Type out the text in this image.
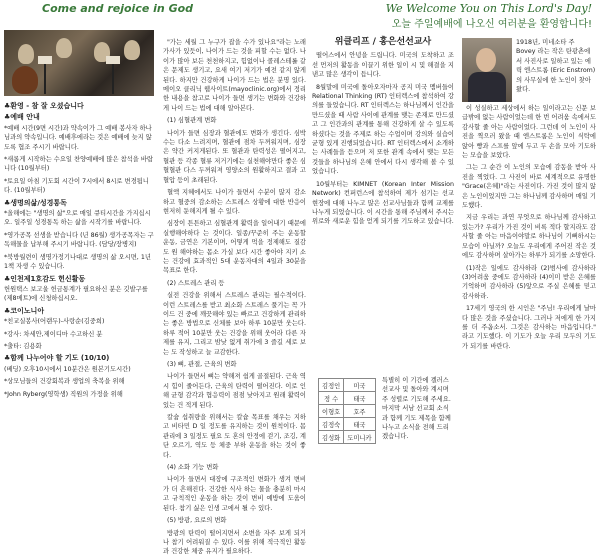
Come and rejoice in God	We Welcome You on This Lord's Day!
오늘 주일예배에 나오신 여러분을 환영합니다!
♣환영 - 참 잘 오셨습니다
♣예배 안내
*예배 시간(9면 시간)과 약속이가 그 예배 봉사자 하나님과의 약속입니다. 예배후에라는 것은 예배에 늦지 않도록 협조 주시기 바랍니다.
*새롭게 시작하는 수요일 찬양예배에 많은 참석을 바랍니다 (10월부터)
*토요일 아침 기도회 시간이 7시에서 8시로 변경됩니다. (10월부터)
♣생명의삶/성경통독
*올해에는 "생명의 삶"으로 매일 큐티시간을 가지십시오. 일주일 성경통독 하는 삶을 시작기를 바랍니다.
*영가공목 선생을 받습니다 (년 86월) 생가공목자는 구독해물을 납부해 주시기 바랍니다. (담당/장병지)
*북방월련이 생명가정기나대로 생명의 삶 오시면, 1년 1책 자생 수 있습니다.
♣인천제1호감도 헌신활동
헌원택스 보고울 헌금통계가 필요하신 분은 깃발구를(제8메트)에 신청하십시오.
♣코이노니아
*친교실봉사(어랜두)-사랑순(김중희)
*강사: 차세안,제이디마 수고하신 분
*출타: 김용화
♣함께 나누어야 할 기도 (10/10)
(베딩) 오후10시에서 10분간은 원본기도시간)
*상모님들의 건강회복과 생업의 축복을 위해
*John Ryberg(영학생) 직원의 가정을 위해
"가는 세월 그 누구가 잡을 수가 있나요"라는 노래 가사가 있듯이, 나이가 드는 것을 피할 수는 없다. 나이가 많아 보든 천천하지고, 힘없이나 콜레스테롤 같은 문제도 생기고, 요새 여기 저기가 예전 같지 않게 된다. 하지만 건강하게 나이가 드는 법은 분명 있다. 메이오 클리닉 웹사이트(mayoclinic.org)에서 정리한 내용을 참고로 나이가 들면 생기는 변화와 건강하게 나이 드는 법에 대해 알아본다.
(1) 심혈관계 변화
나이가 들면 심장과 혈관에도 변화가 생긴다. 심박수는 다소 느려지며, 혈관에 점차 두꺼워지며, 심장은 약간 커지게된다. 또 혈관과 탄력성은 떨어지고, 혈관 등 각종 혈류 저거기에는 실천해야만다 좋은 심혈혈관 다스 두꺼워져 영양소의 원활하지고 결과 고혈압 등이 초래된다.
혈액 지혜에서도 나이가 들면서 수분이 많지 감소하고 혈중의 감소하는 스트레스 상황에 대한 반응이 현저히 둔해지게 될 수 있다.
심장이 튼튼하고 심혈관계 활력을 일어내기 때문에 실행해야하다 는 것이다. 일종/꾸준히 주는 운동할 운동, 금연은 기본이며, 어떻게 먹을 정제해도 질감도 원 해야하는 몸소 가실 보다 시간 좋아야 지키 소는 건강에 효과적인 5대 운동자대의 4일과 30분을 목표로 한다.
(2) 스트레스 관리 등
실전 건강을 위해서 스트레스 관리는 필수적이다. 이런 스트레스를 받고 최소화 스트레스 풀기는 꼭 가이드 건 중에 깨끗해야 있는 빠르고 건강하게 관리하는 좋은 방법으로 신체를 보아 하루 10분만 웃는다. 하루 적어 10분만 웃는 건강을 위해 웃어라 다른 자제를 유지, 그리고 밤낮 없게 취가에 3 즐길 세로 보는 도 작성하고 늘 교감한다.
(3) 뼈, 관절, 근육의 변화
나이가 들면서 뼈는 약해져 쉽게 골절된다. 근육 역시 힘이 줄어든다, 근육의 탄력이 떨어진다. 이로 인해 균형 감각과 협응력이 점점 낮아지고 원래 활력이 있는 건 적게 된다.
칼슘 섭취량을 위해서는 칼슘 목표를 채우는 지하고 비타민 D 일 정도를 유지하는 것이 원칙이다. 몸 관리에 3 일정도 필요 도 혼의 안정에 걷기, 조깅, 계단 오르기, 역도 등 체중 부하 운동을 하는 것이 좋다.
(4) 소화 기능 변화
나이가 들면서 대장에 구조적인 변화가 생겨 변비가 더 흔해진다. 건강한 식사 하는 물을 충분히 마시고 규칙적인 운동을 하는 것이 변비 예방에 도움이 된다. 참기 싫은 인생 고에서 될 수 있다.
(5) 방광, 요로의 변화
방광의 탄력이 떨어지면서 소변을 자주 보게 되거나 참기 어려워질 수 있다. 이를 위해 적극적인 활동과 건강한 체중 유지가 필요하다.
위클리프 / 홍은선선교사
떨어스에서 안녕을 드립니다. 미국의 도착하고 조선 먼저의 활동을 이끌기 위한 일이 시 및 해결을 지낸고 많은 생각이 듭니다.
8월말에 미국에 돌아오자마자 공지 미국 멤버들이 Relational Thinking (RT) 인터렉스에 참석하여 강의를 들었습니다. RT 인터렉스는 하나님께서 인간을 만드셨을 때 사람 사이에 관계를 맺는 존재로 만드셨고 그 인간과의 관계를 통해 건강하게 살 수 있도록 하셨다는 것을 주제로 하는 수업이며 강의와 실습이 균형 있게 진행되었습니다. RT 인터렉스에서 소개하는 사례들을 듣으며 저 또한 관계 속에서 맺는 모든 것들을 하나님의 은혜 안에서 다시 생각해 볼 수 있었습니다.
10월부터는 KIMNET (Korean Inter Mission Network) 컨퍼런스에 참석하여 제가 섬기는 선교 현장에 대해 나누고 많은 선교사님들과 함께 교제를 나누게 되었습니다. 이 시간을 통해 주님께서 주시는 위로와 새로운 힘을 얻게 되기를 기도하고 있습니다.
김정인	미국
정 수	태국
이형호	호주
김정숙	태국
김성화	도미니카
특별히 이 기간에 겔러스 선교사 및 돌아와 계시며 주 성렬로 기도해 주세요. 마지막 서남 선교회 소식과 함께 기도 제목을 함께 나누고 소식을 전해 드리겠습니다.
1918년, 미네소타 주 Bovey 라는 작은 탄광촌에서 사진사로 일하고 있는 에릭 엔스트롬 (Eric Enstrom)의 사무실에 한 노인이 찾아왔다.
이 성실하고 세상에서 하는 일이라고는 신문 보급밖에 없는 사람이었는데 한 번 어려움 속에서도 감사할 줄 아는 사람이었다. 그런데 이 노인이 사진을 찍으러 왔을 때 엔스트롬은 노인이 식탁에 앉아 빵과 스프를 앞에 두고 두 손을 모아 기도하는 모습을 보았다.
그는 그 순간 이 노인의 모습에 감동을 받아 사진을 찍었다. 그 사진이 바로 세계적으로 유명한 "Grace(은혜)"라는 사진이다. 가진 것이 많지 않은 노인이었지만 그는 하나님께 감사하며 매일 기도했다.
지금 우리는 과연 무엇으로 하나님께 감사하고 있는가? 우리가 가진 것이 비록 적다 할지라도 감사할 줄 아는 마음이야말로 하나님이 기뻐하시는 모습이 아닐까? 오늘도 우리에게 주어진 작은 것에도 감사하며 살아가는 하루가 되기를 소망한다.
(1)작은 일에도 감사하라 (2)범사에 감사하라 (3)어려움 중에도 감사하라 (4)이미 받은 은혜를 기억하며 감사하라 (5)앞으로 주실 은혜를 믿고 감사하라.
17세기 영국의 한 시인은 "주님! 우리에게 날마다 많은 것을 주셨습니다. 그러나 저에게 한 가지를 더 주옵소서. 그것은 감사하는 마음입니다." 라고 기도했다. 이 기도가 오늘 우리 모두의 기도가 되기를 바란다.
